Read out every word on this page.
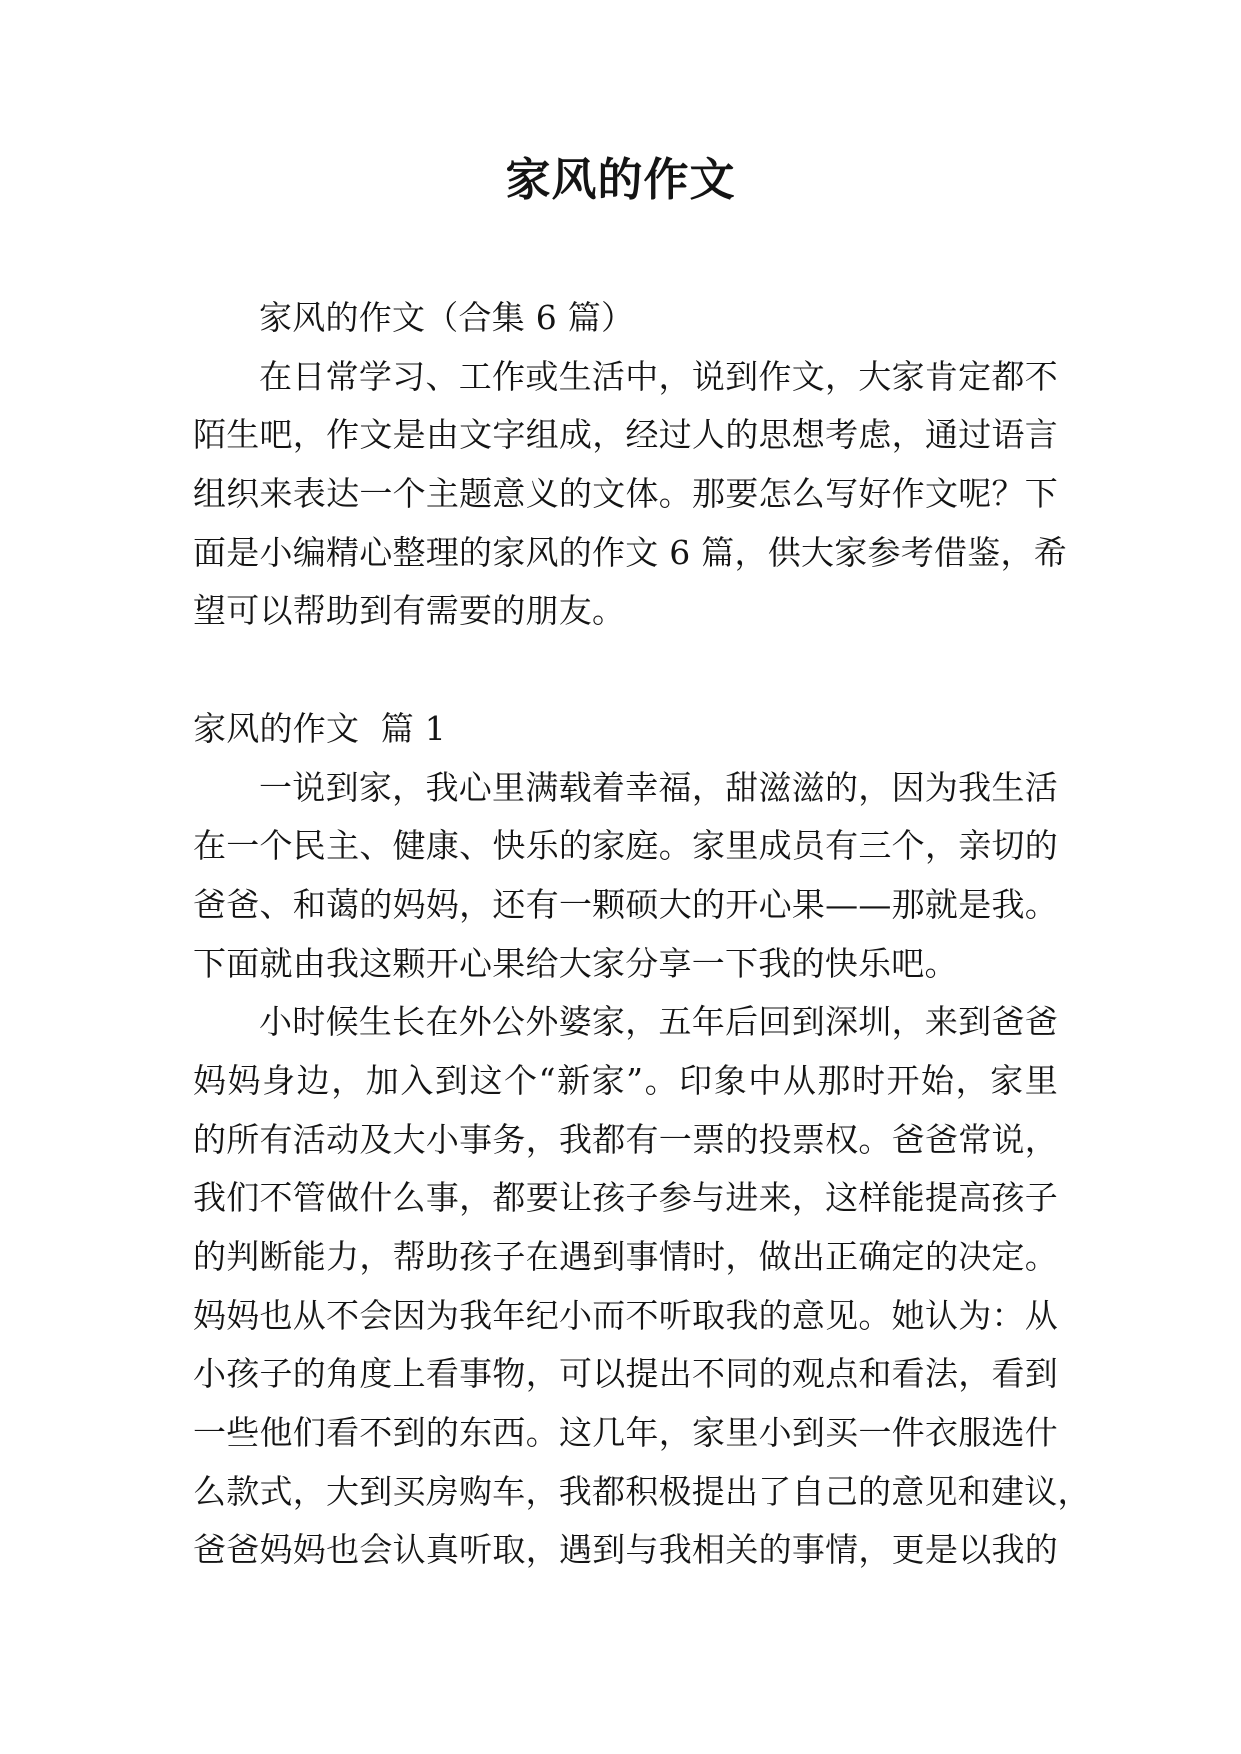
家风的作文
家风的作文（合集 6 篇）
在日常学习、工作或生活中，说到作文，大家肯定都不
陌生吧，作文是由文字组成，经过人的思想考虑，通过语言
组织来表达一个主题意义的文体。那要怎么写好作文呢？下
面是小编精心整理的家风的作文 6 篇，供大家参考借鉴，希
望可以帮助到有需要的朋友。
家风的作文  篇 1
一说到家，我心里满载着幸福，甜滋滋的，因为我生活
在一个民主、健康、快乐的家庭。家里成员有三个，亲切的
爸爸、和蔼的妈妈，还有一颗硕大的开心果——那就是我。
下面就由我这颗开心果给大家分享一下我的快乐吧。
小时候生长在外公外婆家，五年后回到深圳，来到爸爸
妈妈身边，加入到这个“新家”。印象中从那时开始，家里
的所有活动及大小事务，我都有一票的投票权。爸爸常说，
我们不管做什么事，都要让孩子参与进来，这样能提高孩子
的判断能力，帮助孩子在遇到事情时，做出正确定的决定。
妈妈也从不会因为我年纪小而不听取我的意见。她认为：从
小孩子的角度上看事物，可以提出不同的观点和看法，看到
一些他们看不到的东西。这几年，家里小到买一件衣服选什
么款式，大到买房购车，我都积极提出了自己的意见和建议，
爸爸妈妈也会认真听取，遇到与我相关的事情，更是以我的
